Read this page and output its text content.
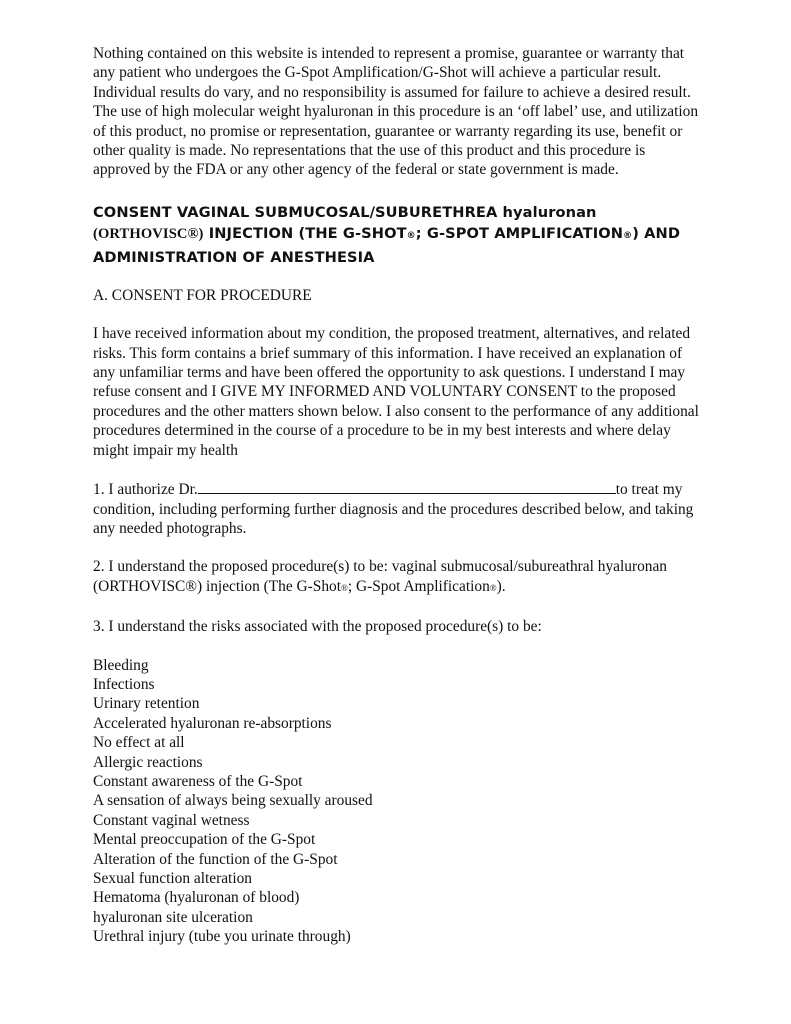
Nothing contained on this website is intended to represent a promise, guarantee or warranty that any patient who undergoes the G-Spot Amplification/G-Shot will achieve a particular result. Individual results do vary, and no responsibility is assumed for failure to achieve a desired result. The use of high molecular weight hyaluronan in this procedure is an ‘off label’ use, and utilization of this product, no promise or representation, guarantee or warranty regarding its use, benefit or other quality is made. No representations that the use of this product and this procedure is approved by the FDA or any other agency of the federal or state government is made.

CONSENT VAGINAL SUBMUCOSAL/SUBURETHREA hyaluronan
(ORTHOVISC®) INJECTION (THE G-SHOT®; G-SPOT AMPLIFICATION®) AND
ADMINISTRATION OF ANESTHESIA

A. CONSENT FOR PROCEDURE

I have received information about my condition, the proposed treatment, alternatives, and related risks. This form contains a brief summary of this information. I have received an explanation of any unfamiliar terms and have been offered the opportunity to ask questions. I understand I may refuse consent and I GIVE MY INFORMED AND VOLUNTARY CONSENT to the proposed procedures and the other matters shown below. I also consent to the performance of any additional procedures determined in the course of a procedure to be in my best interests and where delay might impair my health

1. I authorize Dr.	to treat my condition, including performing further diagnosis and the procedures described below, and taking any needed photographs.

2. I understand the proposed procedure(s) to be: vaginal submucosal/subureathral hyaluronan (ORTHOVISC®) injection (The G-Shot®; G-Spot Amplification®).

3. I understand the risks associated with the proposed procedure(s) to be:

Bleeding
Infections
Urinary retention
Accelerated hyaluronan re-absorptions
No effect at all
Allergic reactions
Constant awareness of the G-Spot
A sensation of always being sexually aroused
Constant vaginal wetness
Mental preoccupation of the G-Spot
Alteration of the function of the G-Spot
Sexual function alteration
Hematoma (hyaluronan of blood)
hyaluronan site ulceration
Urethral injury (tube you urinate through)
